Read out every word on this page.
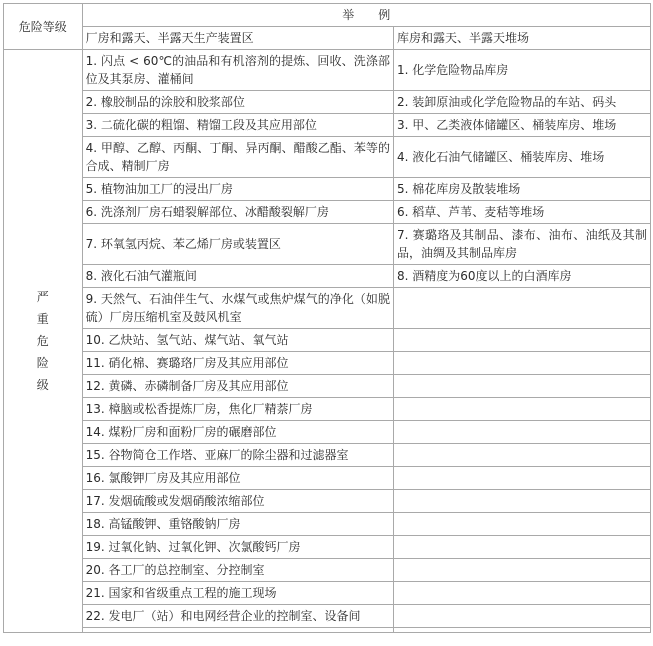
危险等级	举　　例	
	厂房和露天、半露天生产装置区	库房和露天、半露天堆场
严重危险级	1. 闪点 < 60℃的油品和有机溶剂的提炼、回收、洗涤部位及其泵房、灌桶间	1. 化学危险物品库房
	2. 橡胶制品的涂胶和胶浆部位	2. 装卸原油或化学危险物品的车站、码头
	3. 二硫化碳的粗馏、精馏工段及其应用部位	3. 甲、乙类液体储罐区、桶装库房、堆场
	4. 甲醇、乙醇、丙酮、丁酮、异丙酮、醋酸乙酯、苯等的合成、精制厂房	4. 液化石油气储罐区、桶装库房、堆场
	5. 植物油加工厂的浸出厂房	5. 棉花库房及散装堆场
	6. 洗涤剂厂房石蜡裂解部位、冰醋酸裂解厂房	6. 稻草、芦苇、麦秸等堆场
	7. 环氧氢丙烷、苯乙烯厂房或装置区	7. 赛璐珞及其制品、漆布、油布、油纸及其制品，油绸及其制品库房
	8. 液化石油气灌瓶间	8. 酒精度为60度以上的白酒库房
	9. 天然气、石油伴生气、水煤气或焦炉煤气的净化（如脱硫）厂房压缩机室及鼓风机室	
	10. 乙炔站、氢气站、煤气站、氧气站	
	11. 硝化棉、赛璐珞厂房及其应用部位	
	12. 黄磷、赤磷制备厂房及其应用部位	
	13. 樟脑或松香提炼厂房，焦化厂精萘厂房	
	14. 煤粉厂房和面粉厂房的碾磨部位	
	15. 谷物简仓工作塔、亚麻厂的除尘器和过滤器室	
	16. 氯酸钾厂房及其应用部位	
	17. 发烟硫酸或发烟硝酸浓缩部位	
	18. 高锰酸钾、重铬酸钠厂房	
	19. 过氧化钠、过氧化钾、次氯酸钙厂房	
	20. 各工厂的总控制室、分控制室	
	21. 国家和省级重点工程的施工现场	
	22. 发电厂（站）和电网经营企业的控制室、设备间	
